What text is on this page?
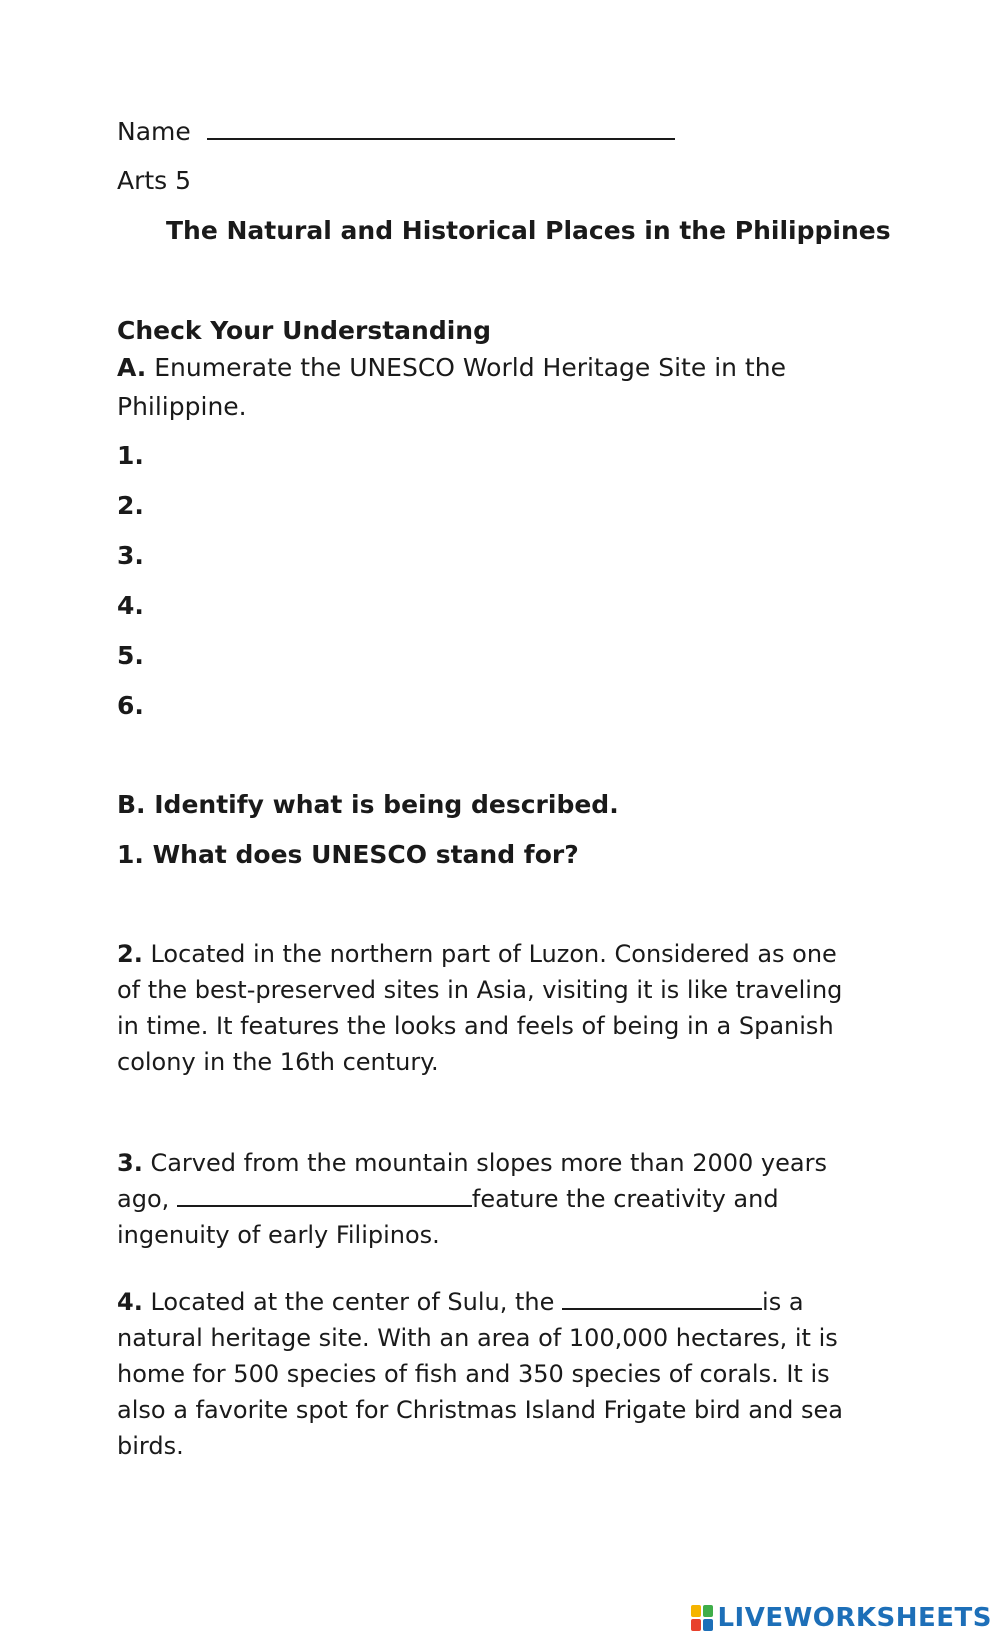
Name
Arts 5
The Natural and Historical Places in the Philippines
Check Your Understanding
A. Enumerate the UNESCO World Heritage Site in the
Philippine.
1.
2.
3.
4.
5.
6.
B. Identify what is being described.
1. What does UNESCO stand for?
2. Located in the northern part of Luzon. Considered as one
of the best-preserved sites in Asia, visiting it is like traveling
in time. It features the looks and feels of being in a Spanish
colony in the 16th century.
3. Carved from the mountain slopes more than 2000 years
ago,	feature the creativity and
ingenuity of early Filipinos.
4. Located at the center of Sulu, the	is a
natural heritage site. With an area of 100,000 hectares, it is
home for 500 species of fish and 350 species of corals. It is
also a favorite spot for Christmas Island Frigate bird and sea
birds.
LIVEWORKSHEETS
